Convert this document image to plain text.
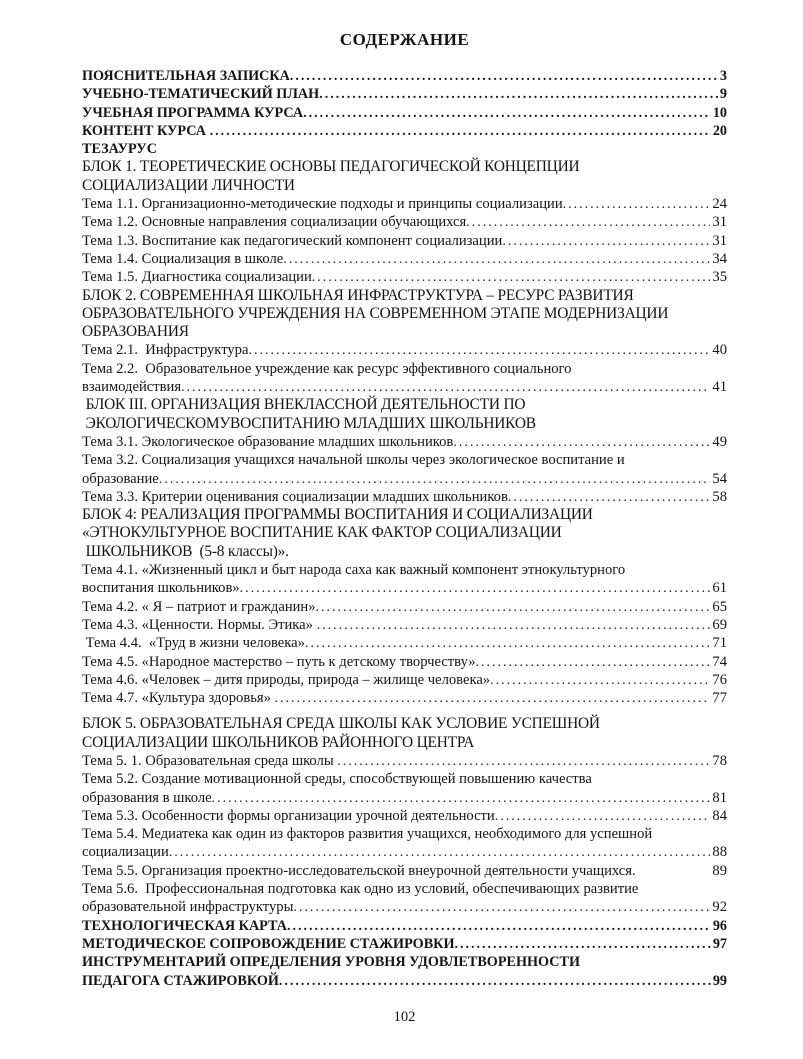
СОДЕРЖАНИЕ
ПОЯСНИТЕЛЬНАЯ ЗАПИСКА .....	3
УЧЕБНО-ТЕМАТИЧЕСКИЙ ПЛАН .....	9
УЧЕБНАЯ ПРОГРАММА КУРСА .....	10
КОНТЕНТ КУРСА .....	20
ТЕЗАУРУС
БЛОК 1. ТЕОРЕТИЧЕСКИЕ ОСНОВЫ ПЕДАГОГИЧЕСКОЙ КОНЦЕПЦИИ
СОЦИАЛИЗАЦИИ ЛИЧНОСТИ
Тема 1.1. Организационно-методические подходы и принципы социализации .....	24
Тема 1.2. Основные направления социализации обучающихся .....	31
Тема 1.3. Воспитание как педагогический компонент социализации .....	31
Тема 1.4. Социализация в школе .....	34
Тема 1.5. Диагностика социализации .....	35
БЛОК 2. СОВРЕМЕННАЯ ШКОЛЬНАЯ ИНФРАСТРУКТУРА – РЕСУРС РАЗВИТИЯ
ОБРАЗОВАТЕЛЬНОГО УЧРЕЖДЕНИЯ НА СОВРЕМЕННОМ ЭТАПЕ МОДЕРНИЗАЦИИ
ОБРАЗОВАНИЯ
Тема 2.1.  Инфраструктура .....	40
Тема 2.2.  Образовательное учреждение как ресурс эффективного социального
взаимодействия .....	41
БЛОК III. ОРГАНИЗАЦИЯ ВНЕКЛАССНОЙ ДЕЯТЕЛЬНОСТИ ПО
ЭКОЛОГИЧЕСКОМУВОСПИТАНИЮ МЛАДШИХ ШКОЛЬНИКОВ
Тема 3.1. Экологическое образование младших школьников .....	49
Тема 3.2. Социализация учащихся начальной школы через экологическое воспитание и
образование .....	54
Тема 3.3. Критерии оценивания социализации младших школьников .....	58
БЛОК 4: РЕАЛИЗАЦИЯ ПРОГРАММЫ ВОСПИТАНИЯ И СОЦИАЛИЗАЦИИ
«ЭТНОКУЛЬТУРНОЕ ВОСПИТАНИЕ КАК ФАКТОР СОЦИАЛИЗАЦИИ
ШКОЛЬНИКОВ  (5-8 классы)».
Тема 4.1. «Жизненный цикл и быт народа саха как важный компонент этнокультурного
воспитания школьников» .....	61
Тема 4.2. « Я – патриот и гражданин» .....	65
Тема 4.3. «Ценности. Нормы. Этика» .....	69
Тема 4.4.  «Труд в жизни человека» .....	71
Тема 4.5. «Народное мастерство – путь к детскому творчеству» .....	74
Тема 4.6. «Человек – дитя природы, природа – жилище человека» .....	76
Тема 4.7. «Культура здоровья» .....	77
БЛОК 5. ОБРАЗОВАТЕЛЬНАЯ СРЕДА ШКОЛЫ КАК УСЛОВИЕ УСПЕШНОЙ
СОЦИАЛИЗАЦИИ ШКОЛЬНИКОВ РАЙОННОГО ЦЕНТРА
Тема 5. 1. Образовательная среда школы .....	78
Тема 5.2. Создание мотивационной среды, способствующей повышению качества
образования в школе .....	81
Тема 5.3. Особенности формы организации урочной деятельности .....	84
Тема 5.4. Медиатека как один из факторов развития учащихся, необходимого для успешной
социализации .....	88
Тема 5.5. Организация проектно-исследовательской внеурочной деятельности учащихся.	89
Тема 5.6.  Профессиональная подготовка как одно из условий, обеспечивающих развитие
образовательной инфраструктуры .....	92
ТЕХНОЛОГИЧЕСКАЯ КАРТА .....	96
МЕТОДИЧЕСКОЕ СОПРОВОЖДЕНИЕ СТАЖИРОВКИ .....	97
ИНСТРУМЕНТАРИЙ ОПРЕДЕЛЕНИЯ УРОВНЯ УДОВЛЕТВОРЕННОСТИ
ПЕДАГОГА СТАЖИРОВКОЙ .....	99
102
